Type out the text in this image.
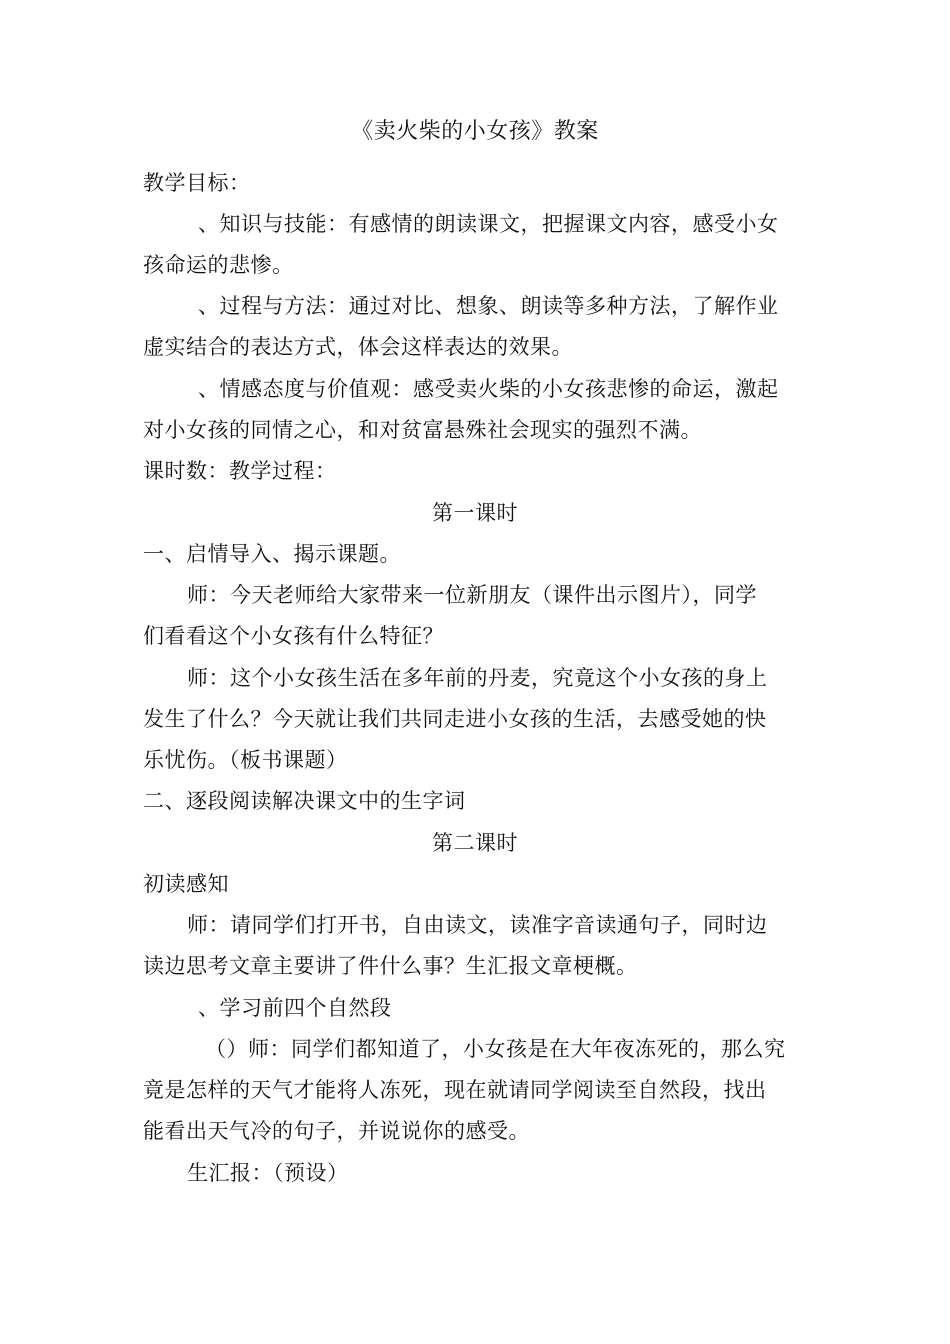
《卖火柴的小女孩》教案
教学目标：
、知识与技能：有感情的朗读课文，把握课文内容，感受小女
孩命运的悲惨。
、过程与方法：通过对比、想象、朗读等多种方法，了解作业
虚实结合的表达方式，体会这样表达的效果。
、情感态度与价值观：感受卖火柴的小女孩悲惨的命运，激起
对小女孩的同情之心，和对贫富悬殊社会现实的强烈不满。
课时数：教学过程：
第一课时
一、启情导入、揭示课题。
师：今天老师给大家带来一位新朋友（课件出示图片），同学
们看看这个小女孩有什么特征？
师：这个小女孩生活在多年前的丹麦，究竟这个小女孩的身上
发生了什么？今天就让我们共同走进小女孩的生活，去感受她的快
乐忧伤。（板书课题）
二、逐段阅读解决课文中的生字词
第二课时
初读感知
师：请同学们打开书，自由读文，读准字音读通句子，同时边
读边思考文章主要讲了件什么事？生汇报文章梗概。
、学习前四个自然段
（）师：同学们都知道了，小女孩是在大年夜冻死的，那么究
竟是怎样的天气才能将人冻死，现在就请同学阅读至自然段，找出
能看出天气冷的句子，并说说你的感受。
生汇报：（预设）
